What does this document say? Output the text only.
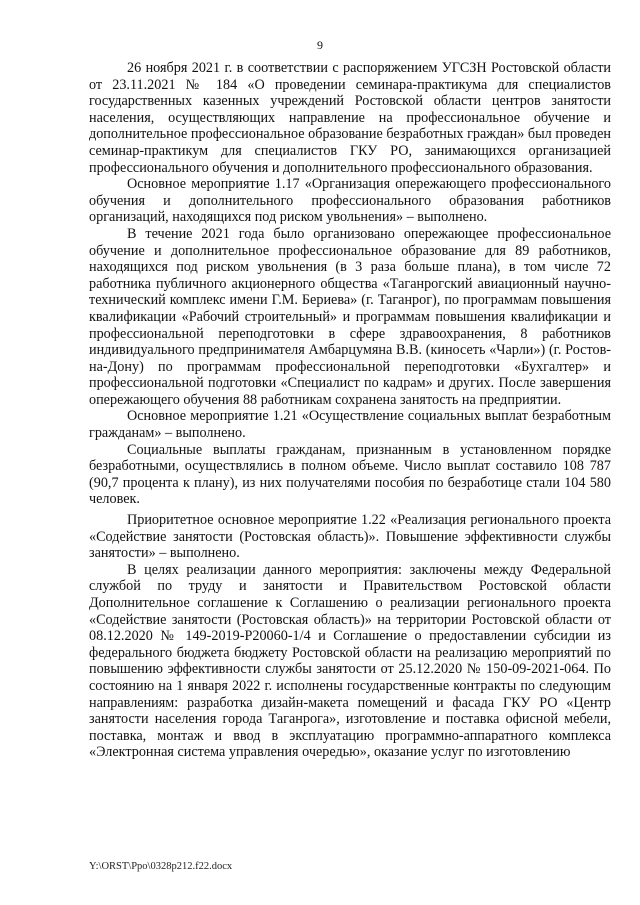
9

26 ноября 2021 г. в соответствии с распоряжением УГСЗН Ростовской области от 23.11.2021 № 184 «О проведении семинара-практикума для специалистов государственных казенных учреждений Ростовской области центров занятости населения, осуществляющих направление на профессиональное обучение и дополнительное профессиональное образование безработных граждан» был проведен семинар-практикум для специалистов ГКУ РО, занимающихся организацией профессионального обучения и дополнительного профессионального образования.

Основное мероприятие 1.17 «Организация опережающего профессионального обучения и дополнительного профессионального образования работников организаций, находящихся под риском увольнения» – выполнено.

В течение 2021 года было организовано опережающее профессиональное обучение и дополнительное профессиональное образование для 89 работников, находящихся под риском увольнения (в 3 раза больше плана), в том числе 72 работника публичного акционерного общества «Таганрогский авиационный научно-технический комплекс имени Г.М. Бериева» (г. Таганрог), по программам повышения квалификации «Рабочий строительный» и программам повышения квалификации и профессиональной переподготовки в сфере здравоохранения, 8 работников индивидуального предпринимателя Амбарцумяна В.В. (киносеть «Чарли») (г. Ростов-на-Дону) по программам профессиональной переподготовки «Бухгалтер» и профессиональной подготовки «Специалист по кадрам» и других. После завершения опережающего обучения 88 работникам сохранена занятость на предприятии.

Основное мероприятие 1.21 «Осуществление социальных выплат безработным гражданам» – выполнено.

Социальные выплаты гражданам, признанным в установленном порядке безработными, осуществлялись в полном объеме. Число выплат составило 108 787 (90,7 процента к плану), из них получателями пособия по безработице стали 104 580 человек.

Приоритетное основное мероприятие 1.22 «Реализация регионального проекта «Содействие занятости (Ростовская область)». Повышение эффективности службы занятости» – выполнено.

В целях реализации данного мероприятия: заключены между Федеральной службой по труду и занятости и Правительством Ростовской области Дополнительное соглашение к Соглашению о реализации регионального проекта «Содействие занятости (Ростовская область)» на территории Ростовской области от 08.12.2020 № 149-2019-P20060-1/4 и Соглашение о предоставлении субсидии из федерального бюджета бюджету Ростовской области на реализацию мероприятий по повышению эффективности службы занятости от 25.12.2020 № 150-09-2021-064. По состоянию на 1 января 2022 г. исполнены государственные контракты по следующим направлениям: разработка дизайн-макета помещений и фасада ГКУ РО «Центр занятости населения города Таганрога», изготовление и поставка офисной мебели, поставка, монтаж и ввод в эксплуатацию программно-аппаратного комплекса «Электронная система управления очередью», оказание услуг по изготовлению

Y:\ORST\Ppo\0328p212.f22.docx
